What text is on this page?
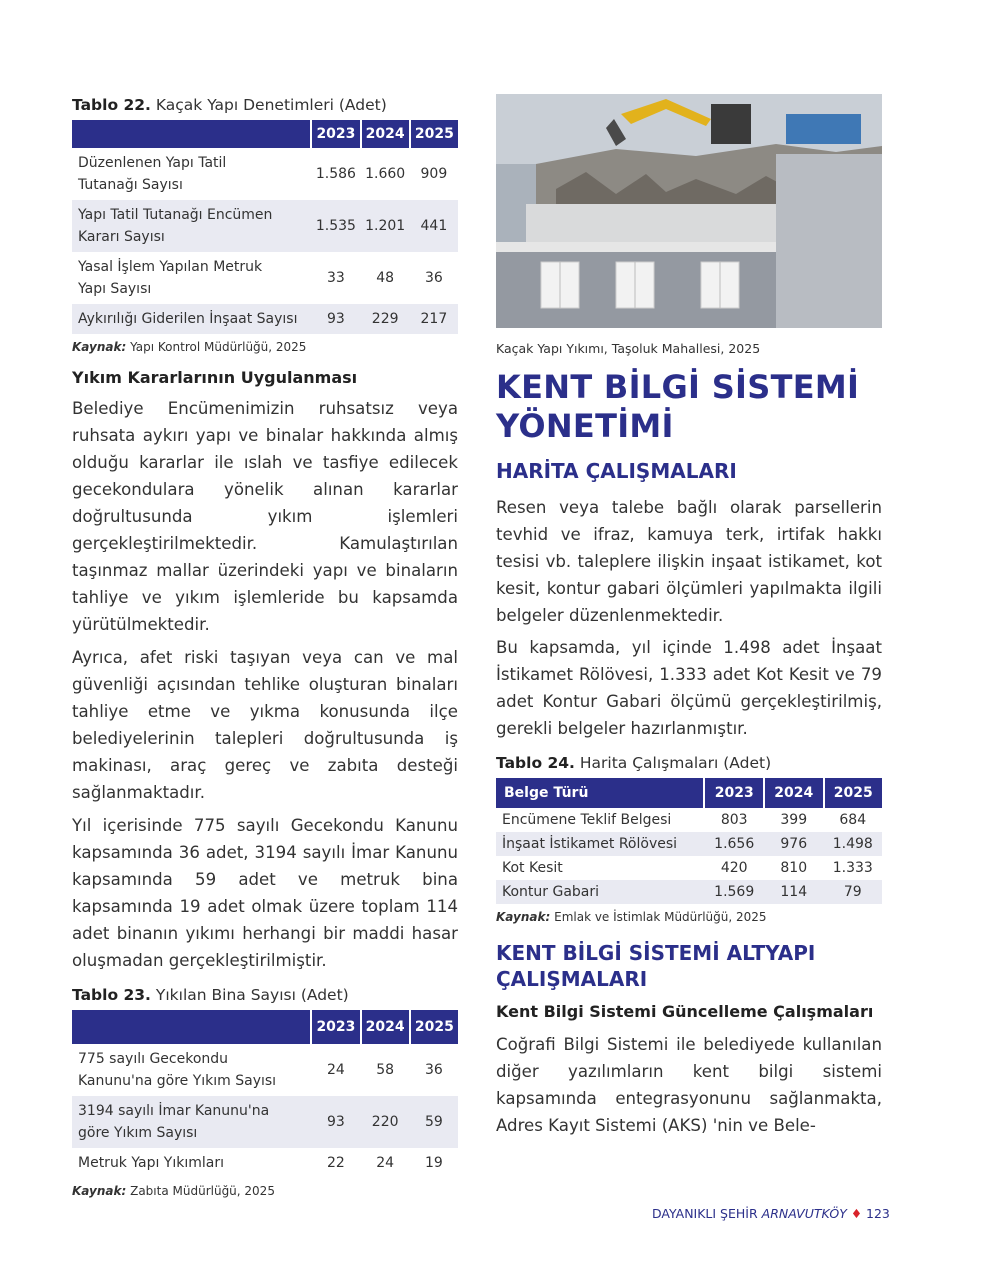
Tablo 22. Kaçak Yapı Denetimleri (Adet)

	2023	2024	2025
Düzenlenen Yapı Tatil
Tutanağı Sayısı	1.586	1.660	909
Yapı Tatil Tutanağı Encümen
Kararı Sayısı	1.535	1.201	441
Yasal İşlem Yapılan Metruk
Yapı Sayısı	33	48	36
Aykırılığı Giderilen İnşaat Sayısı	93	229	217

Kaynak: Yapı Kontrol Müdürlüğü, 2025

Yıkım Kararlarının Uygulanması

Belediye Encümenimizin ruhsatsız veya ruhsata aykırı yapı ve binalar hakkında almış olduğu kararlar ile ıslah ve tasfiye edilecek gecekondulara yönelik alınan kararlar doğrultusunda yıkım işlemleri gerçekleştirilmektedir. Kamulaştırılan taşınmaz mallar üzerindeki yapı ve binaların tahliye ve yıkım işlemleride bu kapsamda yürütülmektedir.

Ayrıca, afet riski taşıyan veya can ve mal güvenliği açısından tehlike oluşturan binaları tahliye etme ve yıkma konusunda ilçe belediyelerinin talepleri doğrultusunda iş makinası, araç gereç ve zabıta desteği sağlanmaktadır.

Yıl içerisinde 775 sayılı Gecekondu Kanunu kapsamında 36 adet, 3194 sayılı İmar Kanunu kapsamında 59 adet ve metruk bina kapsamında 19 adet olmak üzere toplam 114 adet binanın yıkımı herhangi bir maddi hasar oluşmadan gerçekleştirilmiştir.

Tablo 23. Yıkılan Bina Sayısı (Adet)

	2023	2024	2025
775 sayılı Gecekondu
Kanunu'na göre Yıkım Sayısı	24	58	36
3194 sayılı İmar Kanunu'na
göre Yıkım Sayısı	93	220	59
Metruk Yapı Yıkımları	22	24	19

Kaynak: Zabıta Müdürlüğü, 2025

Kaçak Yapı Yıkımı, Taşoluk Mahallesi, 2025

KENT BİLGİ SİSTEMİ
YÖNETİMİ

HARİTA ÇALIŞMALARI

Resen veya talebe bağlı olarak parsellerin tevhid ve ifraz, kamuya terk, irtifak hakkı tesisi vb. taleplere ilişkin inşaat istikamet, kot kesit, kontur gabari ölçümleri yapılmakta ilgili belgeler düzenlenmektedir.

Bu kapsamda, yıl içinde 1.498 adet İnşaat İstikamet Rölövesi, 1.333 adet Kot Kesit ve 79 adet Kontur Gabari ölçümü gerçekleştirilmiş, gerekli belgeler hazırlanmıştır.

Tablo 24. Harita Çalışmaları (Adet)

Belge Türü	2023	2024	2025
Encümene Teklif Belgesi	803	399	684
İnşaat İstikamet Rölövesi	1.656	976	1.498
Kot Kesit	420	810	1.333
Kontur Gabari	1.569	114	79

Kaynak: Emlak ve İstimlak Müdürlüğü, 2025

KENT BİLGİ SİSTEMİ ALTYAPI
ÇALIŞMALARI

Kent Bilgi Sistemi Güncelleme Çalışmaları

Coğrafi Bilgi Sistemi ile belediyede kullanılan diğer yazılımların kent bilgi sistemi kapsamında entegrasyonunu sağlanmakta, Adres Kayıt Sistemi (AKS) 'nin ve Bele-

DAYANIKLI ŞEHİR ARNAVUTKÖY ♦ 123
